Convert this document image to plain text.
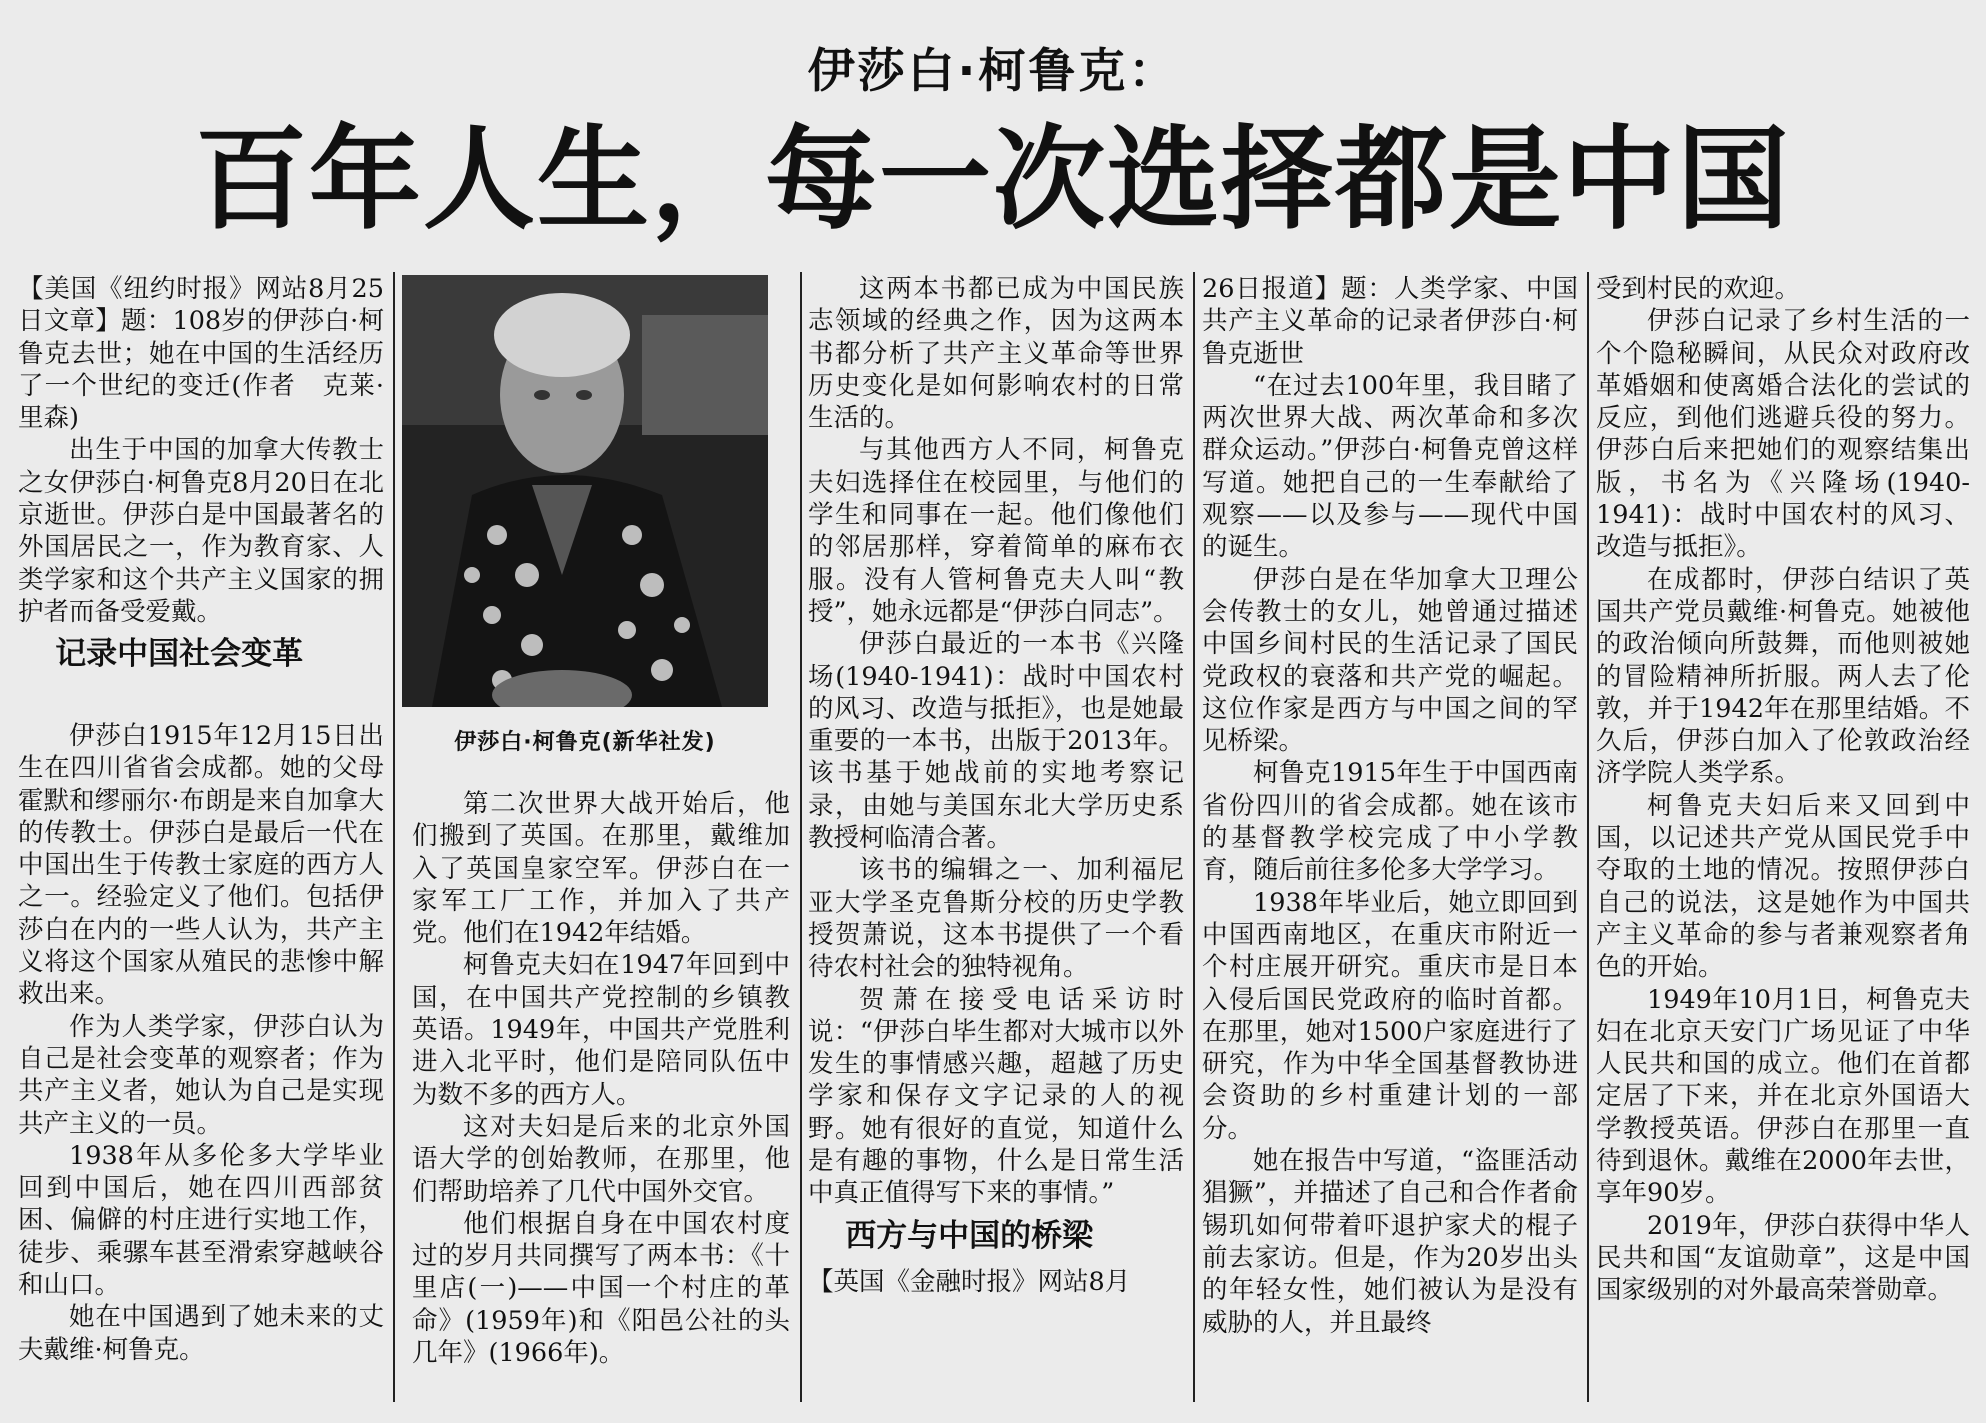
伊莎白·柯鲁克：
百年人生，每一次选择都是中国
伊莎白·柯鲁克(新华社发)

【美国《纽约时报》网站8月25日文章】题：108岁的伊莎白·柯鲁克去世；她在中国的生活经历了一个世纪的变迁(作者　克莱·里森)

出生于中国的加拿大传教士之女伊莎白·柯鲁克8月20日在北京逝世。伊莎白是中国最著名的外国居民之一，作为教育家、人类学家和这个共产主义国家的拥护者而备受爱戴。

记录中国社会变革

伊莎白1915年12月15日出生在四川省省会成都。她的父母霍默和缪丽尔·布朗是来自加拿大的传教士。伊莎白是最后一代在中国出生于传教士家庭的西方人之一。经验定义了他们。包括伊莎白在内的一些人认为，共产主义将这个国家从殖民的悲惨中解救出来。

作为人类学家，伊莎白认为自己是社会变革的观察者；作为共产主义者，她认为自己是实现共产主义的一员。

1938年从多伦多大学毕业回到中国后，她在四川西部贫困、偏僻的村庄进行实地工作，徒步、乘骡车甚至滑索穿越峡谷和山口。

她在中国遇到了她未来的丈夫戴维·柯鲁克。

第二次世界大战开始后，他们搬到了英国。在那里，戴维加入了英国皇家空军。伊莎白在一家军工厂工作，并加入了共产党。他们在1942年结婚。

柯鲁克夫妇在1947年回到中国，在中国共产党控制的乡镇教英语。1949年，中国共产党胜利进入北平时，他们是陪同队伍中为数不多的西方人。

这对夫妇是后来的北京外国语大学的创始教师，在那里，他们帮助培养了几代中国外交官。

他们根据自身在中国农村度过的岁月共同撰写了两本书：《十里店(一)——中国一个村庄的革命》(1959年)和《阳邑公社的头几年》(1966年)。

这两本书都已成为中国民族志领域的经典之作，因为这两本书都分析了共产主义革命等世界历史变化是如何影响农村的日常生活的。

与其他西方人不同，柯鲁克夫妇选择住在校园里，与他们的学生和同事在一起。他们像他们的邻居那样，穿着简单的麻布衣服。没有人管柯鲁克夫人叫“教授”，她永远都是“伊莎白同志”。

伊莎白最近的一本书《兴隆场(1940-1941)：战时中国农村的风习、改造与抵拒》，也是她最重要的一本书，出版于2013年。该书基于她战前的实地考察记录，由她与美国东北大学历史系教授柯临清合著。

该书的编辑之一、加利福尼亚大学圣克鲁斯分校的历史学教授贺萧说，这本书提供了一个看待农村社会的独特视角。

贺萧在接受电话采访时说：“伊莎白毕生都对大城市以外发生的事情感兴趣，超越了历史学家和保存文字记录的人的视野。她有很好的直觉，知道什么是有趣的事物，什么是日常生活中真正值得写下来的事情。”

西方与中国的桥梁

【英国《金融时报》网站8月

26日报道】题：人类学家、中国共产主义革命的记录者伊莎白·柯鲁克逝世

“在过去100年里，我目睹了两次世界大战、两次革命和多次群众运动。”伊莎白·柯鲁克曾这样写道。她把自己的一生奉献给了观察——以及参与——现代中国的诞生。

伊莎白是在华加拿大卫理公会传教士的女儿，她曾通过描述中国乡间村民的生活记录了国民党政权的衰落和共产党的崛起。这位作家是西方与中国之间的罕见桥梁。

柯鲁克1915年生于中国西南省份四川的省会成都。她在该市的基督教学校完成了中小学教育，随后前往多伦多大学学习。

1938年毕业后，她立即回到中国西南地区，在重庆市附近一个村庄展开研究。重庆市是日本入侵后国民党政府的临时首都。在那里，她对1500户家庭进行了研究，作为中华全国基督教协进会资助的乡村重建计划的一部分。

她在报告中写道，“盗匪活动猖獗”，并描述了自己和合作者俞锡玑如何带着吓退护家犬的棍子前去家访。但是，作为20岁出头的年轻女性，她们被认为是没有威胁的人，并且最终

受到村民的欢迎。

伊莎白记录了乡村生活的一个个隐秘瞬间，从民众对政府改革婚姻和使离婚合法化的尝试的反应，到他们逃避兵役的努力。伊莎白后来把她们的观察结集出版，书名为《兴隆场(1940-1941)：战时中国农村的风习、改造与抵拒》。

在成都时，伊莎白结识了英国共产党员戴维·柯鲁克。她被他的政治倾向所鼓舞，而他则被她的冒险精神所折服。两人去了伦敦，并于1942年在那里结婚。不久后，伊莎白加入了伦敦政治经济学院人类学系。

柯鲁克夫妇后来又回到中国，以记述共产党从国民党手中夺取的土地的情况。按照伊莎白自己的说法，这是她作为中国共产主义革命的参与者兼观察者角色的开始。

1949年10月1日，柯鲁克夫妇在北京天安门广场见证了中华人民共和国的成立。他们在首都定居了下来，并在北京外国语大学教授英语。伊莎白在那里一直待到退休。戴维在2000年去世，享年90岁。

2019年，伊莎白获得中华人民共和国“友谊勋章”，这是中国国家级别的对外最高荣誉勋章。
